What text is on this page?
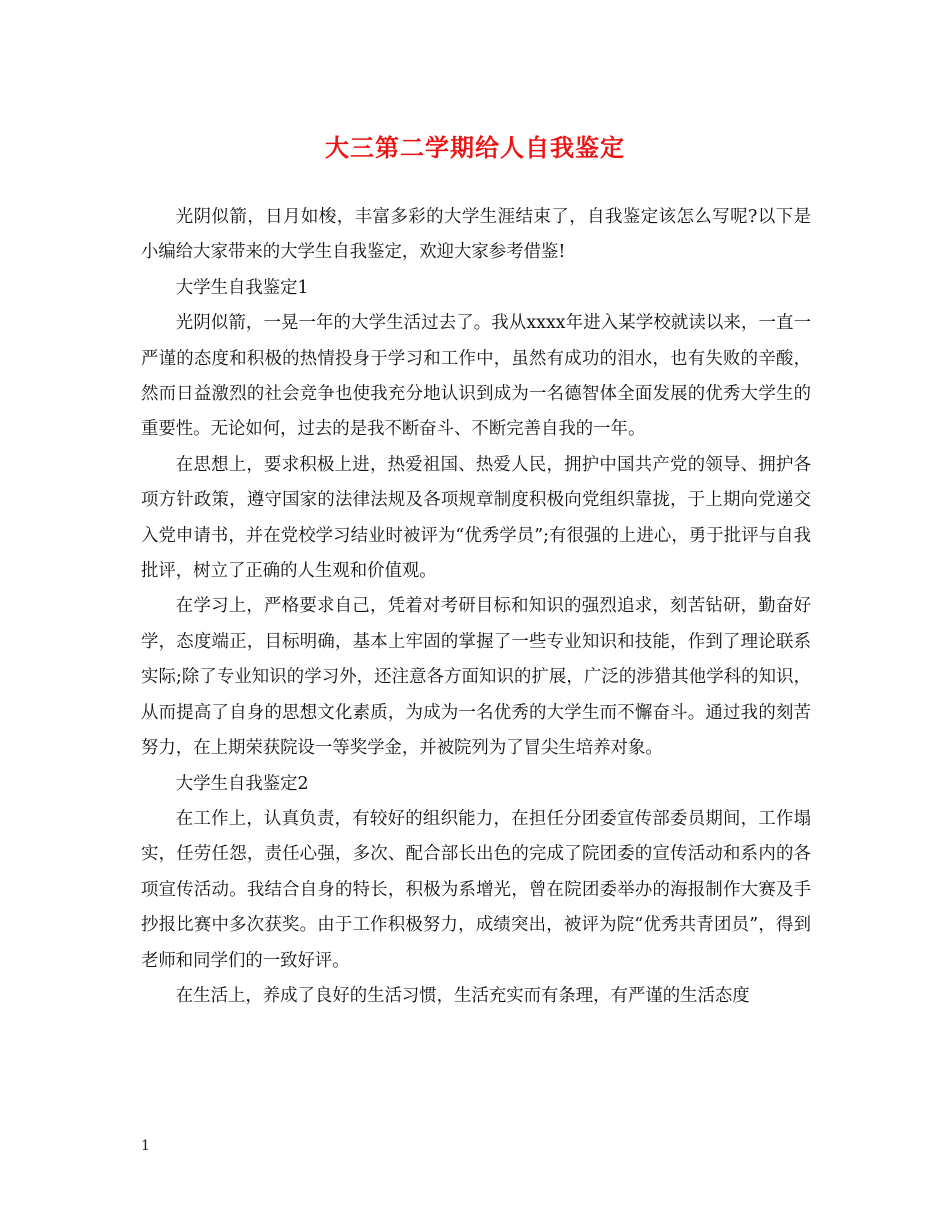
大三第二学期给人自我鉴定

光阴似箭，日月如梭，丰富多彩的大学生涯结束了，自我鉴定该怎么写呢?以下是小编给大家带来的大学生自我鉴定，欢迎大家参考借鉴!

大学生自我鉴定1

光阴似箭，一晃一年的大学生活过去了。我从xxxx年进入某学校就读以来，一直一严谨的态度和积极的热情投身于学习和工作中，虽然有成功的泪水，也有失败的辛酸，然而日益激烈的社会竞争也使我充分地认识到成为一名德智体全面发展的优秀大学生的重要性。无论如何，过去的是我不断奋斗、不断完善自我的一年。

在思想上，要求积极上进，热爱祖国、热爱人民，拥护中国共产党的领导、拥护各项方针政策，遵守国家的法律法规及各项规章制度积极向党组织靠拢，于上期向党递交入党申请书，并在党校学习结业时被评为“优秀学员”;有很强的上进心，勇于批评与自我批评，树立了正确的人生观和价值观。

在学习上，严格要求自己，凭着对考研目标和知识的强烈追求，刻苦钻研，勤奋好学，态度端正，目标明确，基本上牢固的掌握了一些专业知识和技能，作到了理论联系实际;除了专业知识的学习外，还注意各方面知识的扩展，广泛的涉猎其他学科的知识，从而提高了自身的思想文化素质，为成为一名优秀的大学生而不懈奋斗。通过我的刻苦努力，在上期荣获院设一等奖学金，并被院列为了冒尖生培养对象。

大学生自我鉴定2

在工作上，认真负责，有较好的组织能力，在担任分团委宣传部委员期间，工作塌实，任劳任怨，责任心强，多次、配合部长出色的完成了院团委的宣传活动和系内的各项宣传活动。我结合自身的特长，积极为系增光，曾在院团委举办的海报制作大赛及手抄报比赛中多次获奖。由于工作积极努力，成绩突出，被评为院“优秀共青团员”，得到老师和同学们的一致好评。

在生活上，养成了良好的生活习惯，生活充实而有条理，有严谨的生活态度

1
